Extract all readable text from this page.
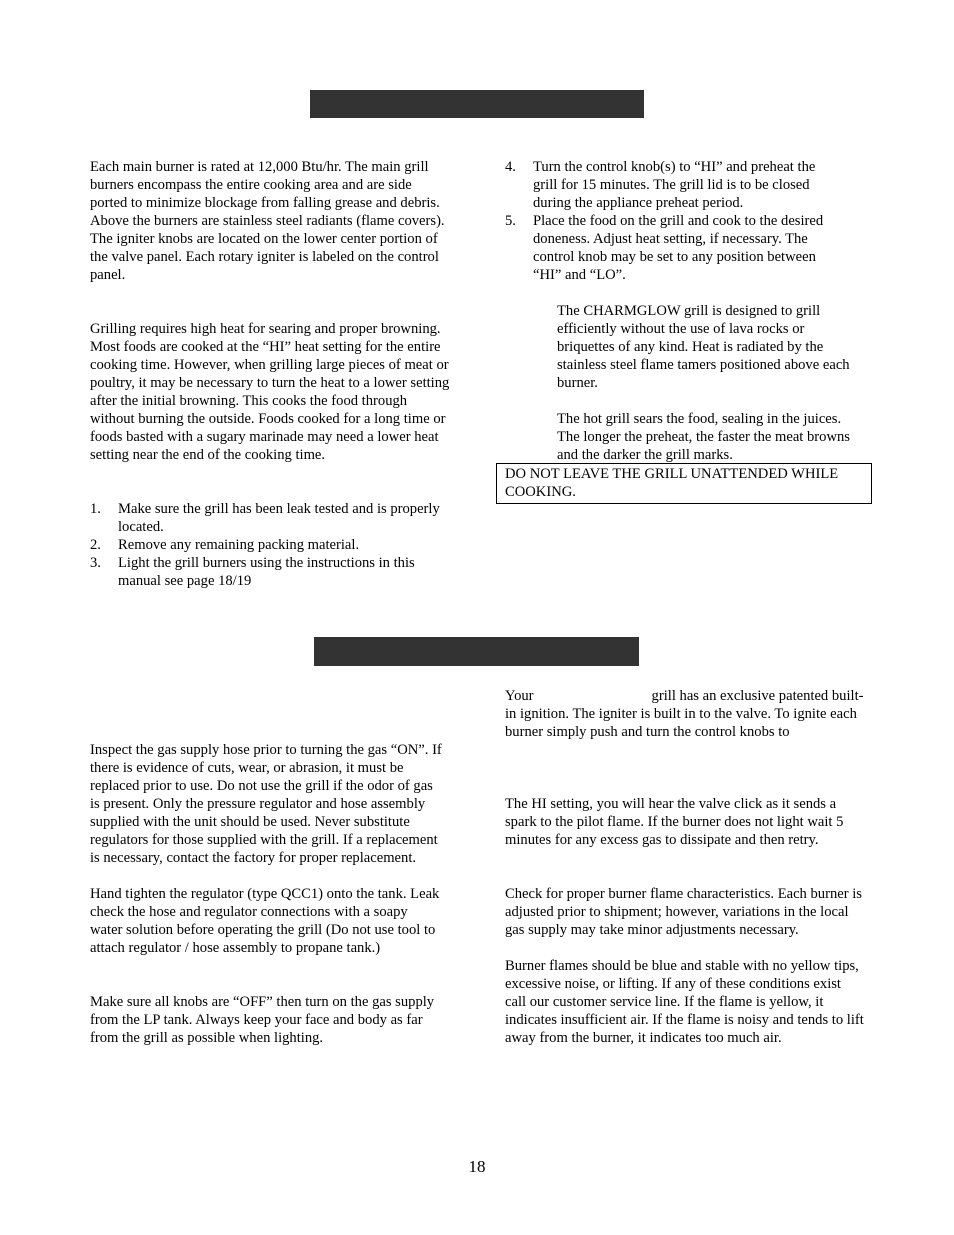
Each main burner is rated at 12,000 Btu/hr. The main grill burners encompass the entire cooking area and are side ported to minimize blockage from falling grease and debris. Above the burners are stainless steel radiants (flame covers). The igniter knobs are located on the lower center portion of the valve panel. Each rotary igniter is labeled on the control panel.

Grilling requires high heat for searing and proper browning. Most foods are cooked at the “HI” heat setting for the entire cooking time. However, when grilling large pieces of meat or poultry, it may be necessary to turn the heat to a lower setting after the initial browning. This cooks the food through without burning the outside. Foods cooked for a long time or foods basted with a sugary marinade may need a lower heat setting near the end of the cooking time.

1. Make sure the grill has been leak tested and is properly located.
2. Remove any remaining packing material.
3. Light the grill burners using the instructions in this manual see page 18/19
4. Turn the control knob(s) to “HI” and preheat the grill for 15 minutes. The grill lid is to be closed during the appliance preheat period.
5. Place the food on the grill and cook to the desired doneness. Adjust heat setting, if necessary. The control knob may be set to any position between “HI” and “LO”.

The CHARMGLOW grill is designed to grill efficiently without the use of lava rocks or briquettes of any kind. Heat is radiated by the stainless steel flame tamers positioned above each burner.

The hot grill sears the food, sealing in the juices. The longer the preheat, the faster the meat browns and the darker the grill marks.

DO NOT LEAVE THE GRILL UNATTENDED WHILE COOKING.

Inspect the gas supply hose prior to turning the gas “ON”. If there is evidence of cuts, wear, or abrasion, it must be replaced prior to use. Do not use the grill if the odor of gas is present. Only the pressure regulator and hose assembly supplied with the unit should be used. Never substitute regulators for those supplied with the grill. If a replacement is necessary, contact the factory for proper replacement.

Hand tighten the regulator (type QCC1) onto the tank. Leak check the hose and regulator connections with a soapy water solution before operating the grill (Do not use tool to attach regulator / hose assembly to propane tank.)

Make sure all knobs are “OFF” then turn on the gas supply from the LP tank. Always keep your face and body as far from the grill as possible when lighting.

Your	grill has an exclusive patented built-in ignition. The igniter is built in to the valve. To ignite each burner simply push and turn the control knobs to

The HI setting, you will hear the valve click as it sends a spark to the pilot flame. If the burner does not light wait 5 minutes for any excess gas to dissipate and then retry.

Check for proper burner flame characteristics. Each burner is adjusted prior to shipment; however, variations in the local gas supply may take minor adjustments necessary.

Burner flames should be blue and stable with no yellow tips, excessive noise, or lifting. If any of these conditions exist call our customer service line. If the flame is yellow, it indicates insufficient air. If the flame is noisy and tends to lift away from the burner, it indicates too much air.

18
